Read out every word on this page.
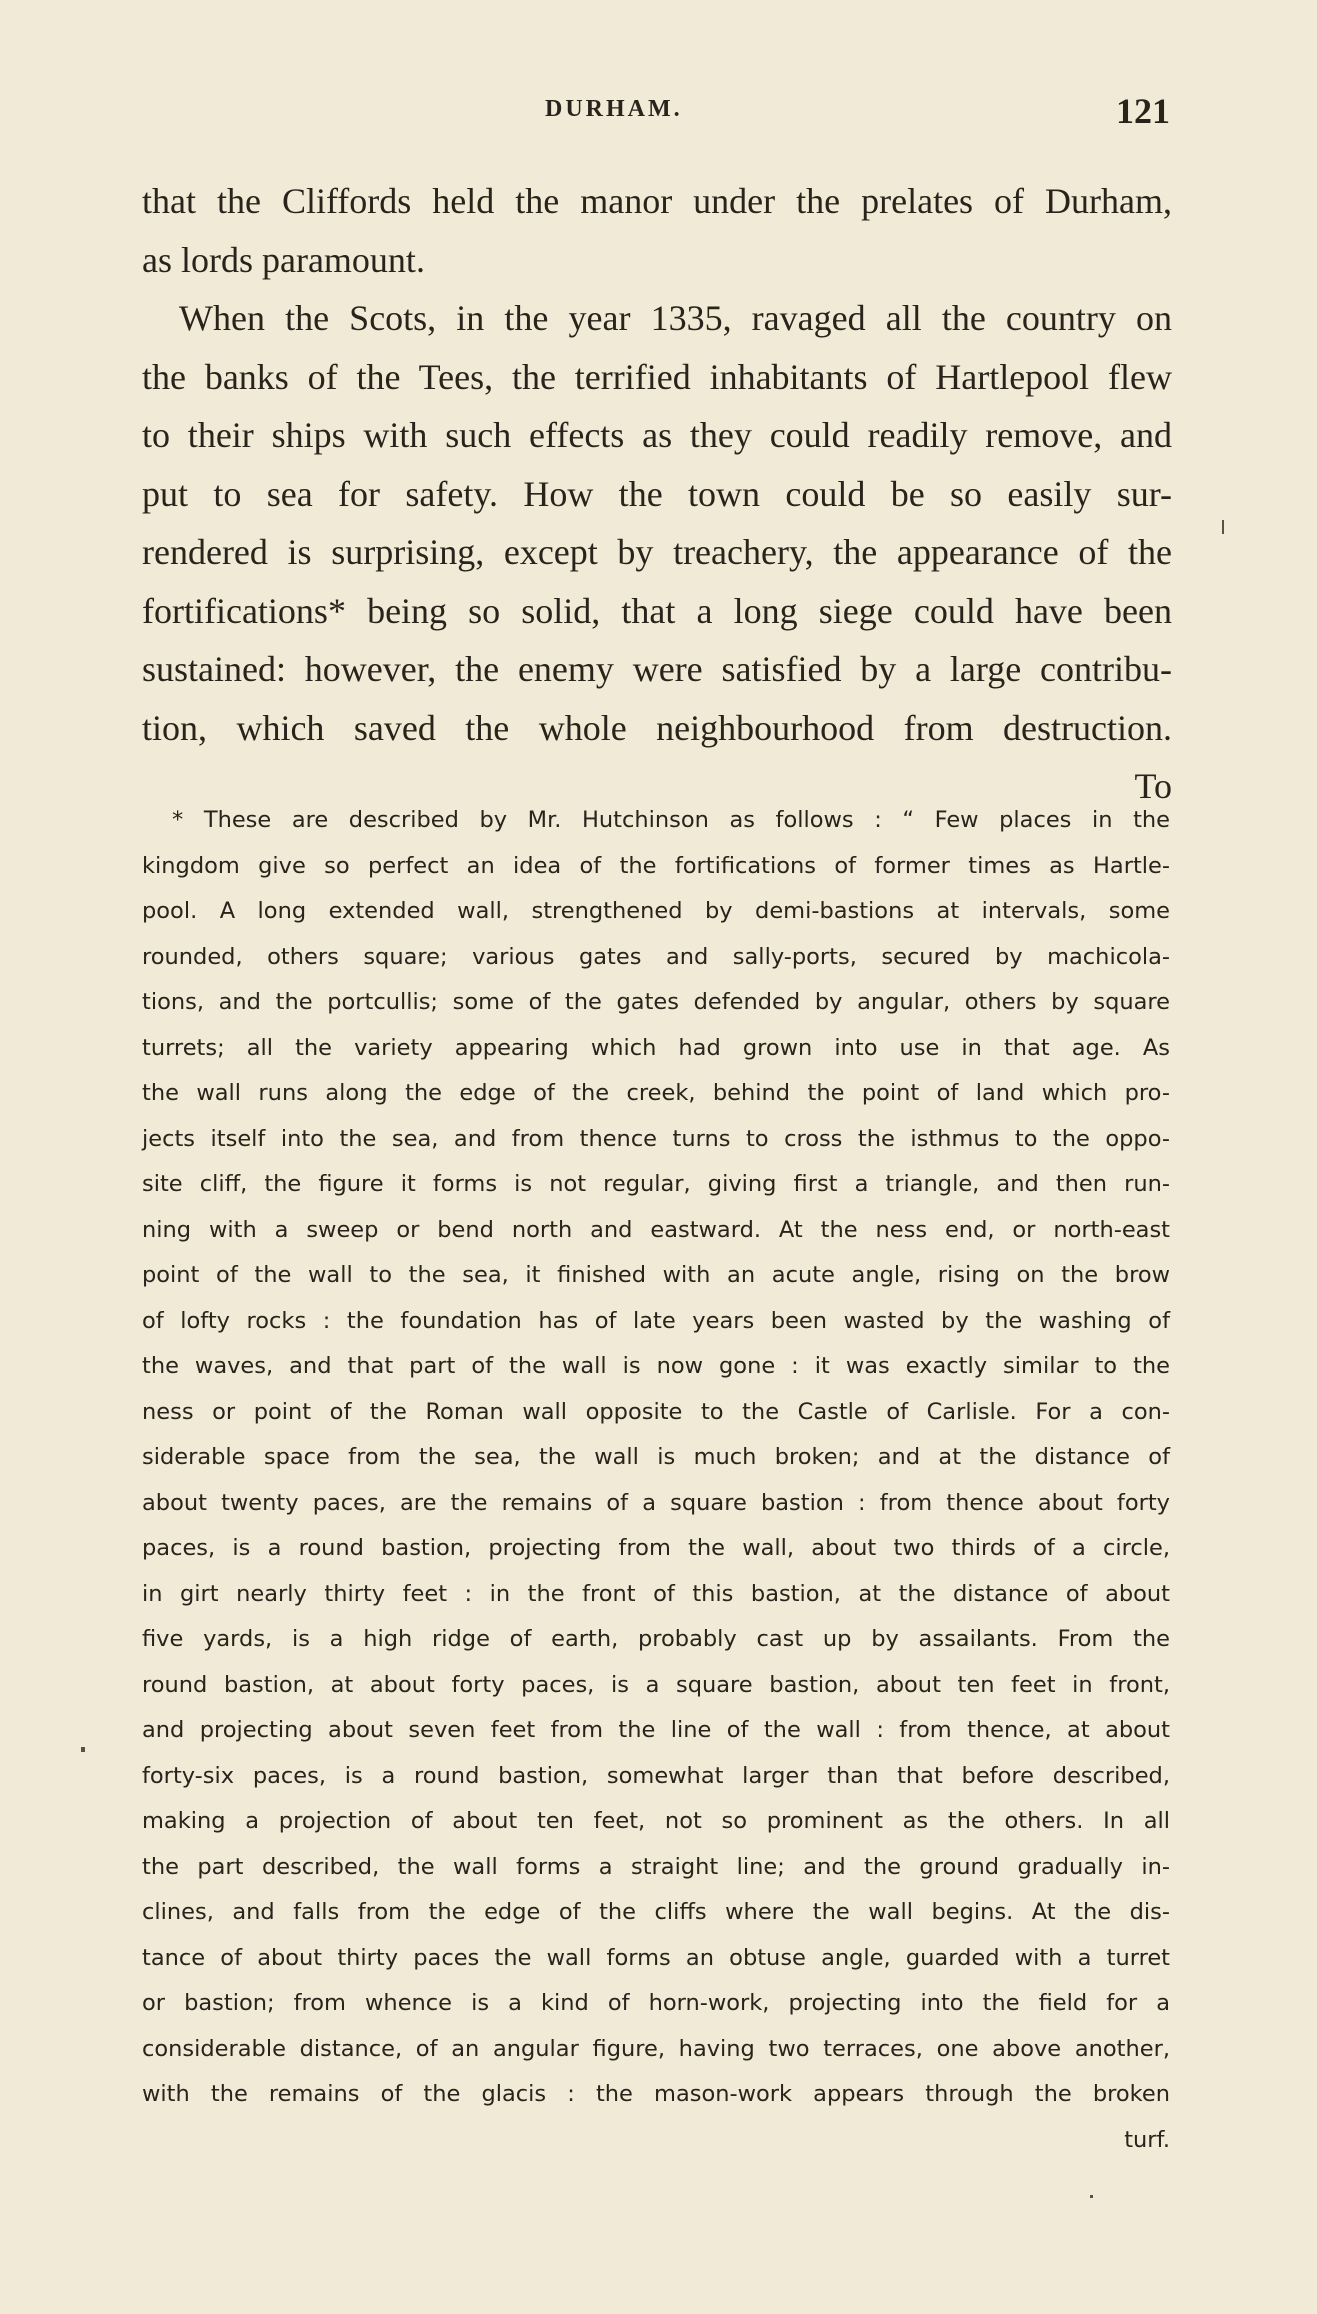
DURHAM.	121
that the Cliffords held the manor under the prelates of Durham,
as lords paramount.
When the Scots, in the year 1335, ravaged all the country on
the banks of the Tees, the terrified inhabitants of Hartlepool flew
to their ships with such effects as they could readily remove, and
put to sea for safety. How the town could be so easily sur-
rendered is surprising, except by treachery, the appearance of the
fortifications* being so solid, that a long siege could have been
sustained: however, the enemy were satisfied by a large contribu-
tion, which saved the whole neighbourhood from destruction.
To
* These are described by Mr. Hutchinson as follows : “ Few places in the
kingdom give so perfect an idea of the fortifications of former times as Hartle-
pool. A long extended wall, strengthened by demi-bastions at intervals, some
rounded, others square; various gates and sally-ports, secured by machicola-
tions, and the portcullis; some of the gates defended by angular, others by square
turrets; all the variety appearing which had grown into use in that age. As
the wall runs along the edge of the creek, behind the point of land which pro-
jects itself into the sea, and from thence turns to cross the isthmus to the oppo-
site cliff, the figure it forms is not regular, giving first a triangle, and then run-
ning with a sweep or bend north and eastward. At the ness end, or north-east
point of the wall to the sea, it finished with an acute angle, rising on the brow
of lofty rocks : the foundation has of late years been wasted by the washing of
the waves, and that part of the wall is now gone : it was exactly similar to the
ness or point of the Roman wall opposite to the Castle of Carlisle. For a con-
siderable space from the sea, the wall is much broken; and at the distance of
about twenty paces, are the remains of a square bastion : from thence about forty
paces, is a round bastion, projecting from the wall, about two thirds of a circle,
in girt nearly thirty feet : in the front of this bastion, at the distance of about
five yards, is a high ridge of earth, probably cast up by assailants. From the
round bastion, at about forty paces, is a square bastion, about ten feet in front,
and projecting about seven feet from the line of the wall : from thence, at about
forty-six paces, is a round bastion, somewhat larger than that before described,
making a projection of about ten feet, not so prominent as the others. In all
the part described, the wall forms a straight line; and the ground gradually in-
clines, and falls from the edge of the cliffs where the wall begins. At the dis-
tance of about thirty paces the wall forms an obtuse angle, guarded with a turret
or bastion; from whence is a kind of horn-work, projecting into the field for a
considerable distance, of an angular figure, having two terraces, one above another,
with the remains of the glacis : the mason-work appears through the broken
turf.
